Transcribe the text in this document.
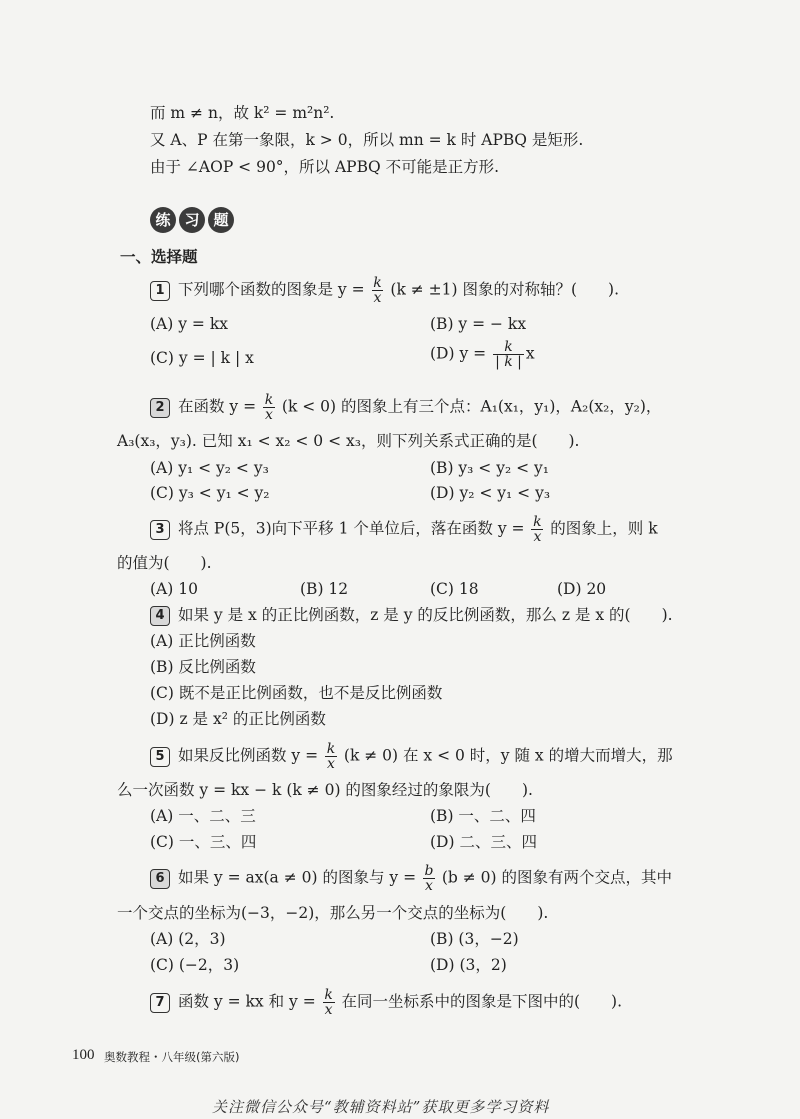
而 m ≠ n，故 k² = m²n².
又 A、P 在第一象限，k > 0，所以 mn = k 时 APBQ 是矩形.
由于 ∠AOP < 90°，所以 APBQ 不可能是正方形.
练 习 题
一、选择题
1 下列哪个函数的图象是 $y = \frac{k}{x} (k \ne \pm 1)$ 图象的对称轴？(　　).
(A) y = kx	(B) y = − kx
(C) y = | k | x	(D) $y = \frac{k}{| k |}$ x
2 在函数 $y = \frac{k}{x} (k < 0)$ 的图象上有三个点：A₁(x₁，y₁)，A₂(x₂，y₂)，
A₃(x₃，y₃). 已知 x₁ < x₂ < 0 < x₃，则下列关系式正确的是(　　).
(A) y₁ < y₂ < y₃	(B) y₃ < y₂ < y₁
(C) y₃ < y₁ < y₂	(D) y₂ < y₁ < y₃
3 将点 P(5，3)向下平移 1 个单位后，落在函数 $y = \frac{k}{x}$ 的图象上，则 k
的值为(　　).
(A) 10	(B) 12	(C) 18	(D) 20
4 如果 y 是 x 的正比例函数，z 是 y 的反比例函数，那么 z 是 x 的(　　).
(A) 正比例函数
(B) 反比例函数
(C) 既不是正比例函数，也不是反比例函数
(D) z 是 x² 的正比例函数
5 如果反比例函数 $y = \frac{k}{x} (k \ne 0)$ 在 x < 0 时，y 随 x 的增大而增大，那
么一次函数 y = kx − k (k ≠ 0) 的图象经过的象限为(　　).
(A) 一、二、三	(B) 一、二、四
(C) 一、三、四	(D) 二、三、四
6 如果 y = ax(a ≠ 0) 的图象与 $y = \frac{b}{x} (b \ne 0)$ 的图象有两个交点，其中
一个交点的坐标为(−3，−2)，那么另一个交点的坐标为(　　).
(A) (2，3)	(B) (3，−2)
(C) (−2，3)	(D) (3，2)
7 函数 y = kx 和 $y = \frac{k}{x}$ 在同一坐标系中的图象是下图中的(　　).
100 奥数教程・八年级(第六版)
关注微信公众号“教辅资料站”获取更多学习资料
